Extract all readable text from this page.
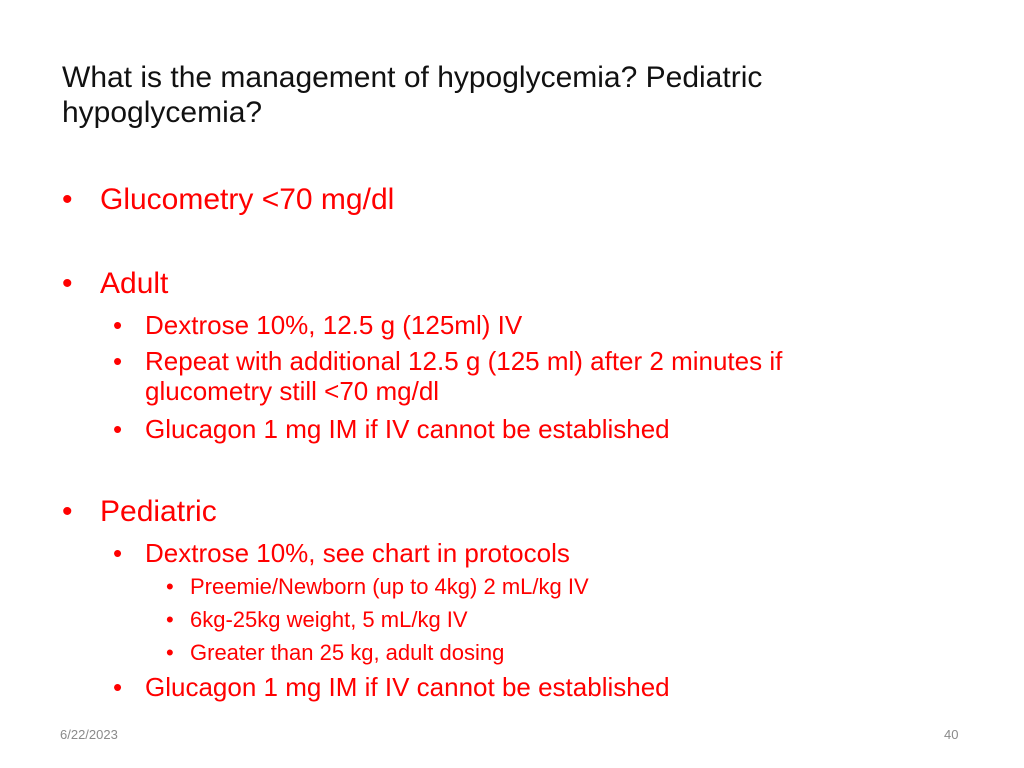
What is the management of hypoglycemia? Pediatric hypoglycemia?
• Glucometry <70 mg/dl
• Adult
• Dextrose 10%, 12.5 g (125ml) IV
• Repeat with additional 12.5 g (125 ml) after 2 minutes if
glucometry still <70 mg/dl
• Glucagon 1 mg IM if IV cannot be established
• Pediatric
• Dextrose 10%, see chart in protocols
• Preemie/Newborn (up to 4kg) 2 mL/kg IV
• 6kg-25kg weight, 5 mL/kg IV
• Greater than 25 kg, adult dosing
• Glucagon 1 mg IM if IV cannot be established
6/22/2023	40
